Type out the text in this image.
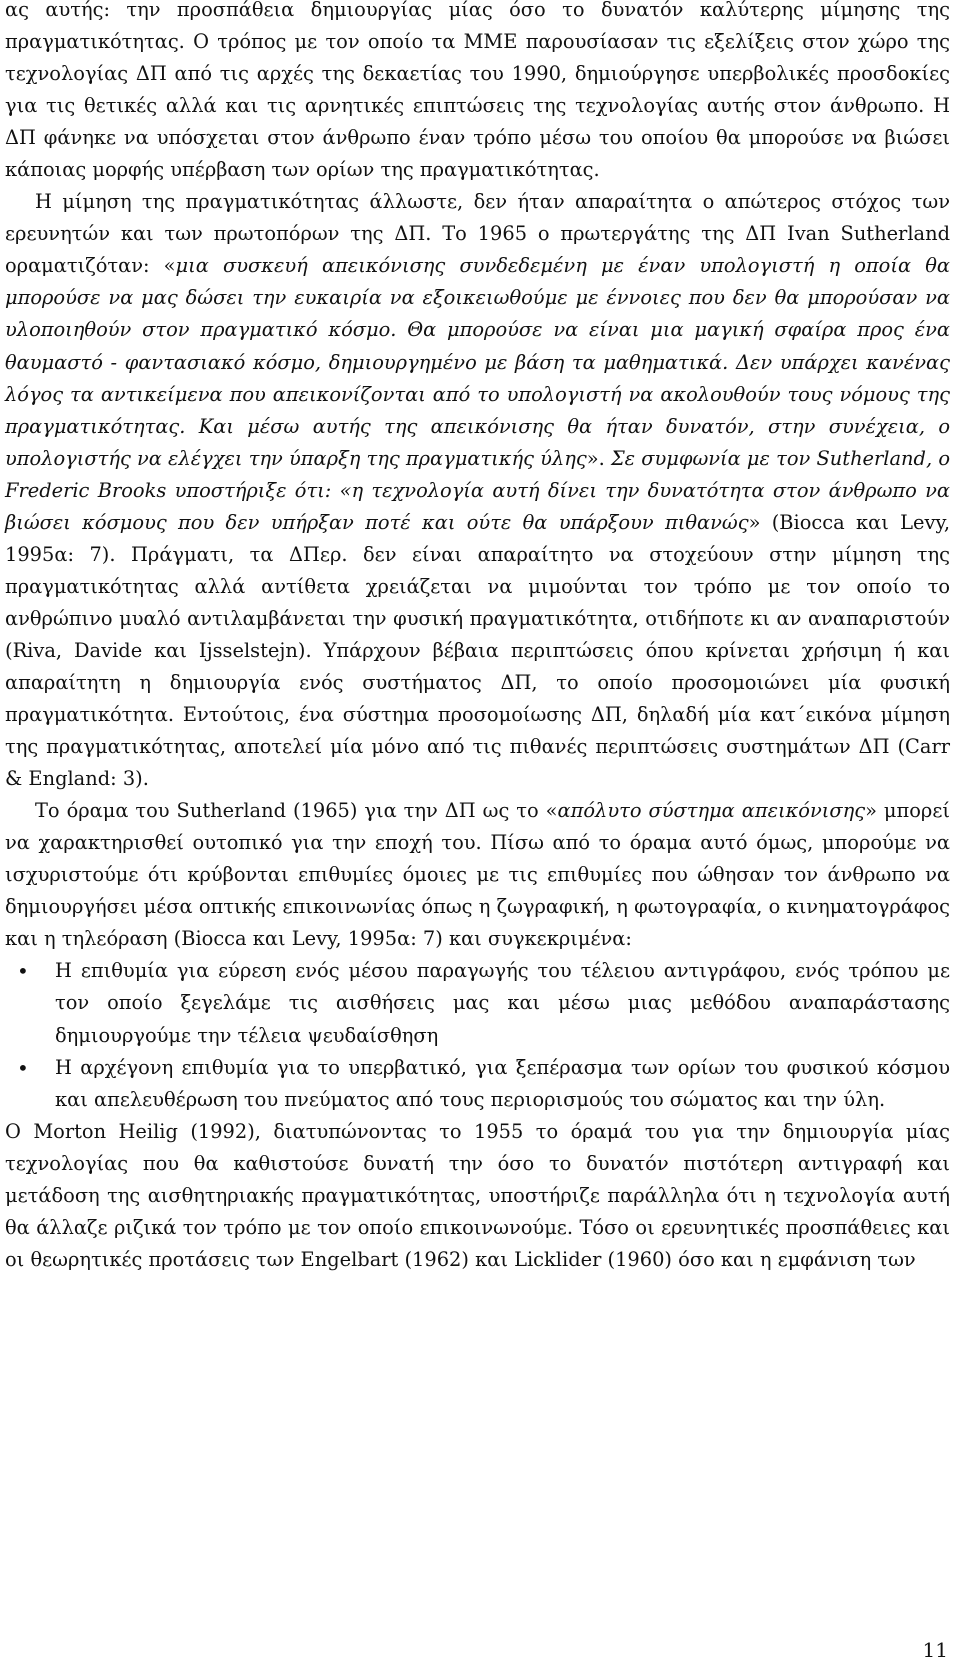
ας αυτής: την προσπάθεια δημιουργίας μίας όσο το δυνατόν καλύτερης μίμησης της πραγματικότητας. Ο τρόπος με τον οποίο τα ΜΜΕ παρουσίασαν τις εξελίξεις στον χώρο της τεχνολογίας ΔΠ από τις αρχές της δεκαετίας του 1990, δημιούργησε υπερβολικές προσδοκίες για τις θετικές αλλά και τις αρνητικές επιπτώσεις της τεχνολογίας αυτής στον άνθρωπο. Η ΔΠ φάνηκε να υπόσχεται στον άνθρωπο έναν τρόπο μέσω του οποίου θα μπορούσε να βιώσει κάποιας μορφής υπέρβαση των ορίων της πραγματικότητας.

Η μίμηση της πραγματικότητας άλλωστε, δεν ήταν απαραίτητα ο απώτερος στόχος των ερευνητών και των πρωτοπόρων της ΔΠ. Το 1965 ο πρωτεργάτης της ΔΠ Ivan Sutherland οραματιζόταν: «μια συσκευή απεικόνισης συνδεδεμένη με έναν υπολογιστή η οποία θα μπορούσε να μας δώσει την ευκαιρία να εξοικειωθούμε με έννοιες που δεν θα μπορούσαν να υλοποιηθούν στον πραγματικό κόσμο. Θα μπορούσε να είναι μια μαγική σφαίρα προς ένα θαυμαστό - φαντασιακό κόσμο, δημιουργημένο με βάση τα μαθηματικά. Δεν υπάρχει κανένας λόγος τα αντικείμενα που απεικονίζονται από το υπολογιστή να ακολουθούν τους νόμους της πραγματικότητας. Και μέσω αυτής της απεικόνισης θα ήταν δυνατόν, στην συνέχεια, ο υπολογιστής να ελέγχει την ύπαρξη της πραγματικής ύλης». Σε συμφωνία με τον Sutherland, ο Frederic Brooks υποστήριξε ότι: «η τεχνολογία αυτή δίνει την δυνατότητα στον άνθρωπο να βιώσει κόσμους που δεν υπήρξαν ποτέ και ούτε θα υπάρξουν πιθανώς» (Biocca και Levy, 1995α: 7). Πράγματι, τα ΔΠερ. δεν είναι απαραίτητο να στοχεύουν στην μίμηση της πραγματικότητας αλλά αντίθετα χρειάζεται να μιμούνται τον τρόπο με τον οποίο το ανθρώπινο μυαλό αντιλαμβάνεται την φυσική πραγματικότητα, οτιδήποτε κι αν αναπαριστούν (Riva, Davide και Ijsselstejn). Υπάρχουν βέβαια περιπτώσεις όπου κρίνεται χρήσιμη ή και απαραίτητη η δημιουργία ενός συστήματος ΔΠ, το οποίο προσομοιώνει μία φυσική πραγματικότητα. Εντούτοις, ένα σύστημα προσομοίωσης ΔΠ, δηλαδή μία κατ΄εικόνα μίμηση της πραγματικότητας, αποτελεί μία μόνο από τις πιθανές περιπτώσεις συστημάτων ΔΠ (Carr & England: 3).

Το όραμα του Sutherland (1965) για την ΔΠ ως το «απόλυτο σύστημα απεικόνισης» μπορεί να χαρακτηρισθεί ουτοπικό για την εποχή του. Πίσω από το όραμα αυτό όμως, μπορούμε να ισχυριστούμε ότι κρύβονται επιθυμίες όμοιες με τις επιθυμίες που ώθησαν τον άνθρωπο να δημιουργήσει μέσα οπτικής επικοινωνίας όπως η ζωγραφική, η φωτογραφία, ο κινηματογράφος και η τηλεόραση (Biocca και Levy, 1995α: 7) και συγκεκριμένα:

• Η επιθυμία για εύρεση ενός μέσου παραγωγής του τέλειου αντιγράφου, ενός τρόπου με τον οποίο ξεγελάμε τις αισθήσεις μας και μέσω μιας μεθόδου αναπαράστασης δημιουργούμε την τέλεια ψευδαίσθηση
• Η αρχέγονη επιθυμία για το υπερβατικό, για ξεπέρασμα των ορίων του φυσικού κόσμου και απελευθέρωση του πνεύματος από τους περιορισμούς του σώματος και την ύλη.

Ο Morton Heilig (1992), διατυπώνοντας το 1955 το όραμά του για την δημιουργία μίας τεχνολογίας που θα καθιστούσε δυνατή την όσο το δυνατόν πιστότερη αντιγραφή και μετάδοση της αισθητηριακής πραγματικότητας, υποστήριζε παράλληλα ότι η τεχνολογία αυτή θα άλλαζε ριζικά τον τρόπο με τον οποίο επικοινωνούμε. Τόσο οι ερευνητικές προσπάθειες και οι θεωρητικές προτάσεις των Engelbart (1962) και Licklider (1960) όσο και η εμφάνιση των

11
